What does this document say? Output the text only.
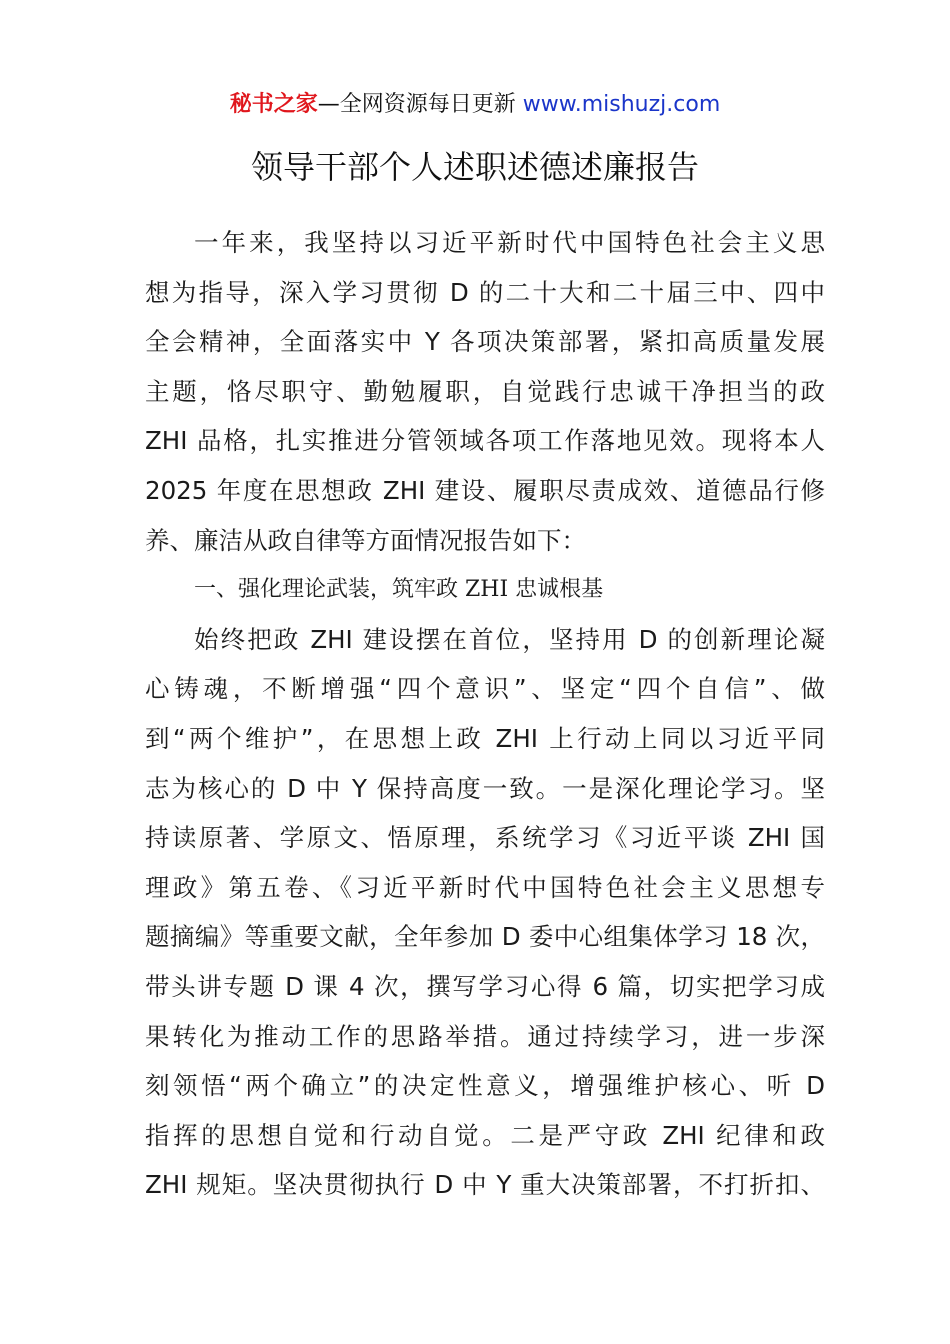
秘书之家—全网资源每日更新 www.mishuzj.com
领导干部个人述职述德述廉报告
一年来，我坚持以习近平新时代中国特色社会主义思
想为指导，深入学习贯彻 D 的二十大和二十届三中、四中
全会精神，全面落实中 Y 各项决策部署，紧扣高质量发展
主题，恪尽职守、勤勉履职，自觉践行忠诚干净担当的政
ZHI 品格，扎实推进分管领域各项工作落地见效。现将本人
2025 年度在思想政 ZHI 建设、履职尽责成效、道德品行修
养、廉洁从政自律等方面情况报告如下：
一、强化理论武装，筑牢政 ZHI 忠诚根基
始终把政 ZHI 建设摆在首位，坚持用 D 的创新理论凝
心铸魂，不断增强“四个意识”、坚定“四个自信”、做
到“两个维护”，在思想上政 ZHI 上行动上同以习近平同
志为核心的 D 中 Y 保持高度一致。一是深化理论学习。坚
持读原著、学原文、悟原理，系统学习《习近平谈 ZHI 国
理政》第五卷、《习近平新时代中国特色社会主义思想专
题摘编》等重要文献，全年参加 D 委中心组集体学习 18 次，
带头讲专题 D 课 4 次，撰写学习心得 6 篇，切实把学习成
果转化为推动工作的思路举措。通过持续学习，进一步深
刻领悟“两个确立”的决定性意义，增强维护核心、听 D
指挥的思想自觉和行动自觉。二是严守政 ZHI 纪律和政
ZHI 规矩。坚决贯彻执行 D 中 Y 重大决策部署，不打折扣、
